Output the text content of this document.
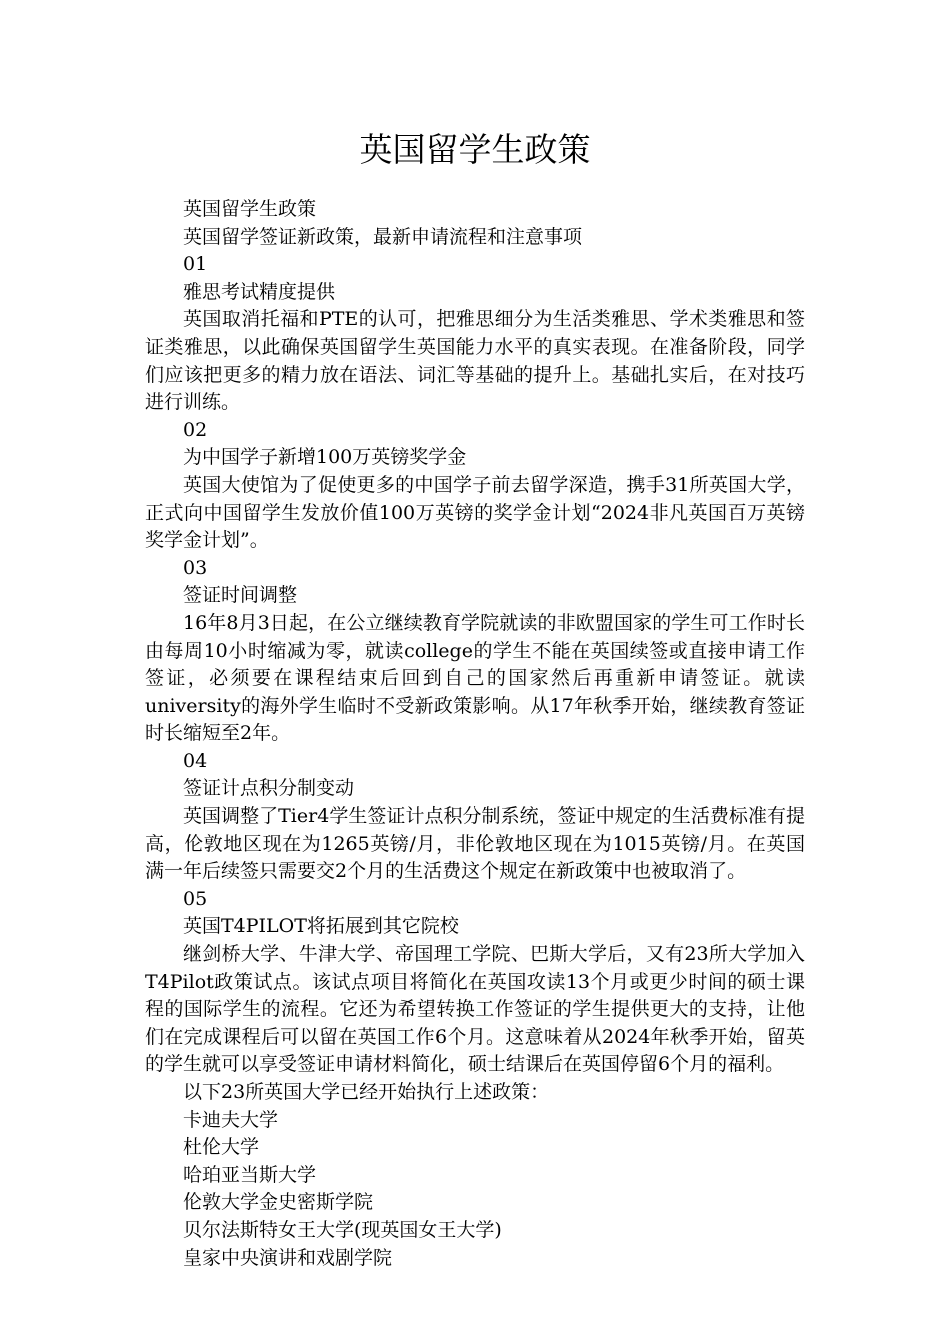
英国留学生政策

英国留学生政策

英国留学签证新政策，最新申请流程和注意事项

01

雅思考试精度提供

英国取消托福和PTE的认可，把雅思细分为生活类雅思、学术类雅思和签证类雅思，以此确保英国留学生英国能力水平的真实表现。在准备阶段，同学们应该把更多的精力放在语法、词汇等基础的提升上。基础扎实后，在对技巧进行训练。

02

为中国学子新增100万英镑奖学金

英国大使馆为了促使更多的中国学子前去留学深造，携手31所英国大学，正式向中国留学生发放价值100万英镑的奖学金计划“2024非凡英国百万英镑奖学金计划”。

03

签证时间调整

16年8月3日起，在公立继续教育学院就读的非欧盟国家的学生可工作时长由每周10小时缩减为零，就读college的学生不能在英国续签或直接申请工作签证，必须要在课程结束后回到自己的国家然后再重新申请签证。就读university的海外学生临时不受新政策影响。从17年秋季开始，继续教育签证时长缩短至2年。

04

签证计点积分制变动

英国调整了Tier4学生签证计点积分制系统，签证中规定的生活费标准有提高，伦敦地区现在为1265英镑/月，非伦敦地区现在为1015英镑/月。在英国满一年后续签只需要交2个月的生活费这个规定在新政策中也被取消了。

05

英国T4PILOT将拓展到其它院校

继剑桥大学、牛津大学、帝国理工学院、巴斯大学后，又有23所大学加入T4Pilot政策试点。该试点项目将简化在英国攻读13个月或更少时间的硕士课程的国际学生的流程。它还为希望转换工作签证的学生提供更大的支持，让他们在完成课程后可以留在英国工作6个月。这意味着从2024年秋季开始，留英的学生就可以享受签证申请材料简化，硕士结课后在英国停留6个月的福利。

以下23所英国大学已经开始执行上述政策：

卡迪夫大学

杜伦大学

哈珀亚当斯大学

伦敦大学金史密斯学院

贝尔法斯特女王大学(现英国女王大学)

皇家中央演讲和戏剧学院
